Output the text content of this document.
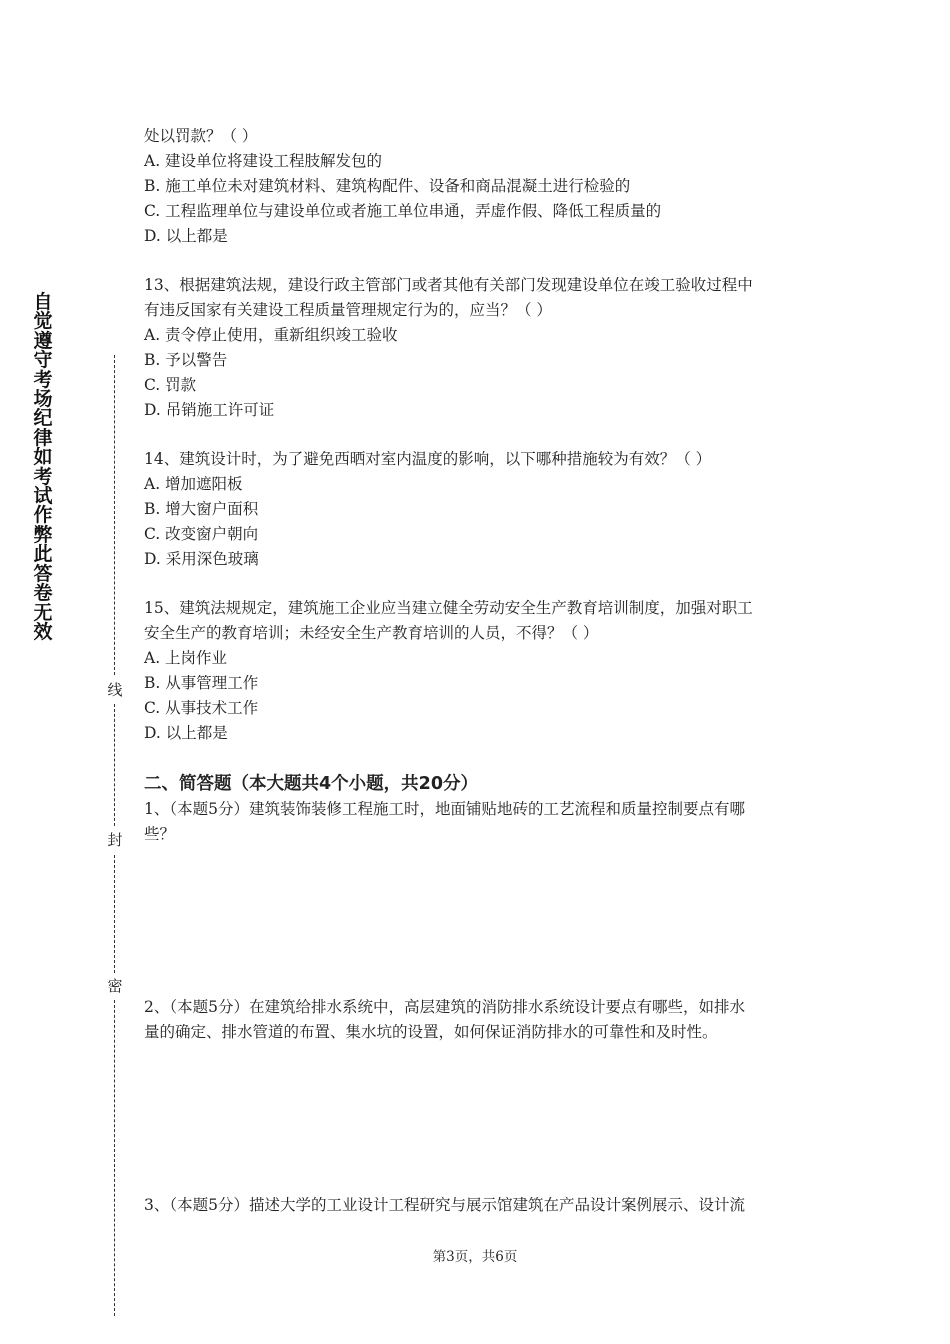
自觉遵守考场纪律如考试作弊此答卷无效
线
封
密

处以罚款？（ ）

A. 建设单位将建设工程肢解发包的

B. 施工单位未对建筑材料、建筑构配件、设备和商品混凝土进行检验的

C. 工程监理单位与建设单位或者施工单位串通，弄虚作假、降低工程质量的

D. 以上都是

13、根据建筑法规，建设行政主管部门或者其他有关部门发现建设单位在竣工验收过程中

有违反国家有关建设工程质量管理规定行为的，应当？（ ）

A. 责令停止使用，重新组织竣工验收

B. 予以警告

C. 罚款

D. 吊销施工许可证

14、建筑设计时，为了避免西晒对室内温度的影响，以下哪种措施较为有效？（ ）

A. 增加遮阳板

B. 增大窗户面积

C. 改变窗户朝向

D. 采用深色玻璃

15、建筑法规规定，建筑施工企业应当建立健全劳动安全生产教育培训制度，加强对职工

安全生产的教育培训；未经安全生产教育培训的人员，不得？（ ）

A. 上岗作业

B. 从事管理工作

C. 从事技术工作

D. 以上都是

二、简答题（本大题共4个小题，共20分）

1、（本题5分）建筑装饰装修工程施工时，地面铺贴地砖的工艺流程和质量控制要点有哪

些？

2、（本题5分）在建筑给排水系统中，高层建筑的消防排水系统设计要点有哪些，如排水

量的确定、排水管道的布置、集水坑的设置，如何保证消防排水的可靠性和及时性。

3、（本题5分）描述大学的工业设计工程研究与展示馆建筑在产品设计案例展示、设计流

第3页，共6页
